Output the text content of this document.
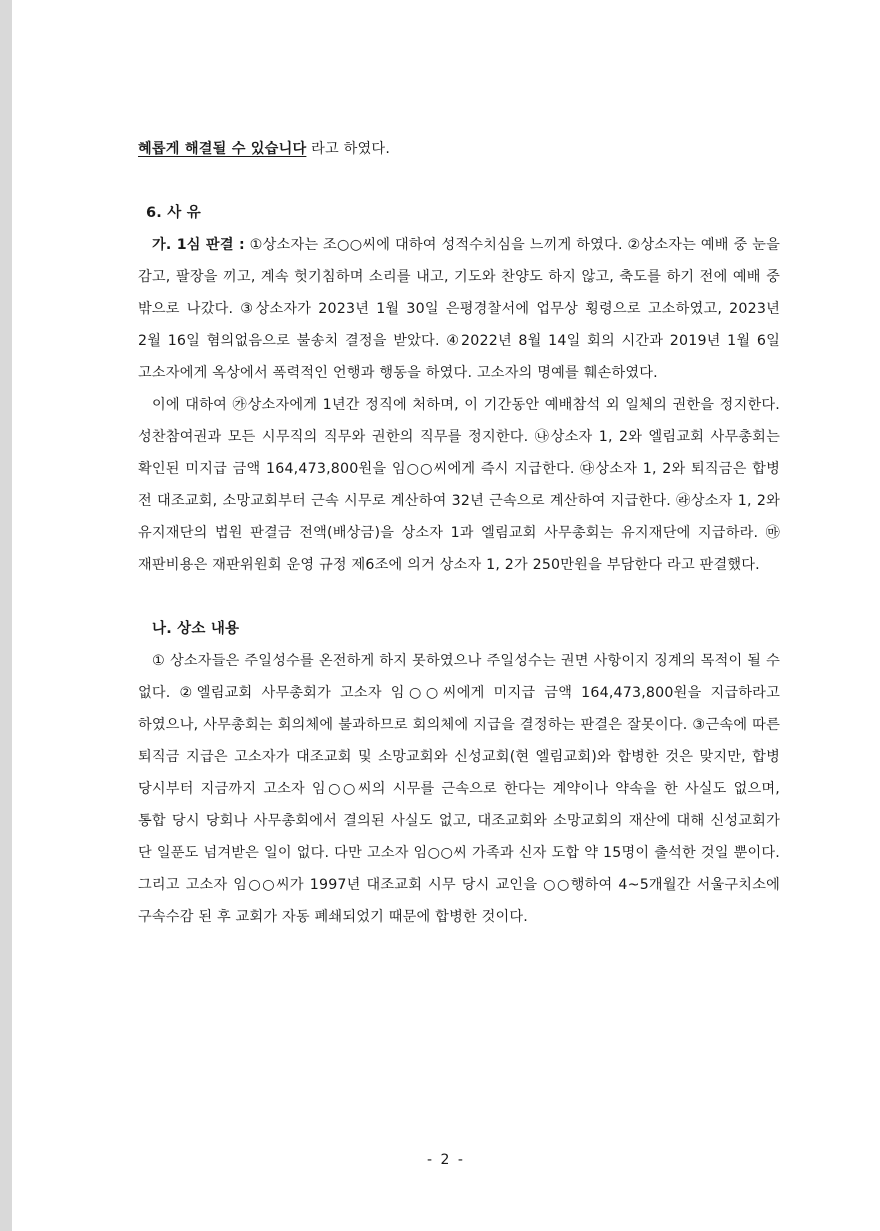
혜롭게 해결될 수 있습니다 라고 하였다.

6. 사 유

가. 1심 판결 : ①상소자는 조○○씨에 대하여 성적수치심을 느끼게 하였다. ②상소자는 예배 중 눈을 감고, 팔장을 끼고, 계속 헛기침하며 소리를 내고, 기도와 찬양도 하지 않고, 축도를 하기 전에 예배 중 밖으로 나갔다. ③상소자가 2023년 1월 30일 은평경찰서에 업무상 횡령으로 고소하였고, 2023년 2월 16일 혐의없음으로 불송치 결정을 받았다. ④2022년 8월 14일 회의 시간과 2019년 1월 6일 고소자에게 옥상에서 폭력적인 언행과 행동을 하였다. 고소자의 명예를 훼손하였다.

이에 대하여 ㉮상소자에게 1년간 정직에 처하며, 이 기간동안 예배참석 외 일체의 권한을 정지한다. 성찬참여권과 모든 시무직의 직무와 권한의 직무를 정지한다. ㉯상소자 1, 2와 엘림교회 사무총회는 확인된 미지급 금액 164,473,800원을 임○○씨에게 즉시 지급한다. ㉰상소자 1, 2와 퇴직금은 합병 전 대조교회, 소망교회부터 근속 시무로 계산하여 32년 근속으로 계산하여 지급한다. ㉱상소자 1, 2와 유지재단의 법원 판결금 전액(배상금)을 상소자 1과 엘림교회 사무총회는 유지재단에 지급하라. ㉲ 재판비용은 재판위원회 운영 규정 제6조에 의거 상소자 1, 2가 250만원을 부담한다 라고 판결했다.

나. 상소 내용

① 상소자들은 주일성수를 온전하게 하지 못하였으나 주일성수는 권면 사항이지 징계의 목적이 될 수 없다. ②엘림교회 사무총회가 고소자 임○○씨에게 미지급 금액 164,473,800원을 지급하라고 하였으나, 사무총회는 회의체에 불과하므로 회의체에 지급을 결정하는 판결은 잘못이다. ③근속에 따른 퇴직금 지급은 고소자가 대조교회 및 소망교회와 신성교회(현 엘림교회)와 합병한 것은 맞지만, 합병 당시부터 지금까지 고소자 임○○씨의 시무를 근속으로 한다는 계약이나 약속을 한 사실도 없으며, 통합 당시 당회나 사무총회에서 결의된 사실도 없고, 대조교회와 소망교회의 재산에 대해 신성교회가 단 일푼도 넘겨받은 일이 없다. 다만 고소자 임○○씨 가족과 신자 도합 약 15명이 출석한 것일 뿐이다. 그리고 고소자 임○○씨가 1997년 대조교회 시무 당시 교인을 ○○행하여 4~5개월간 서울구치소에 구속수감 된 후 교회가 자동 폐쇄되었기 때문에 합병한 것이다.

- 2 -
